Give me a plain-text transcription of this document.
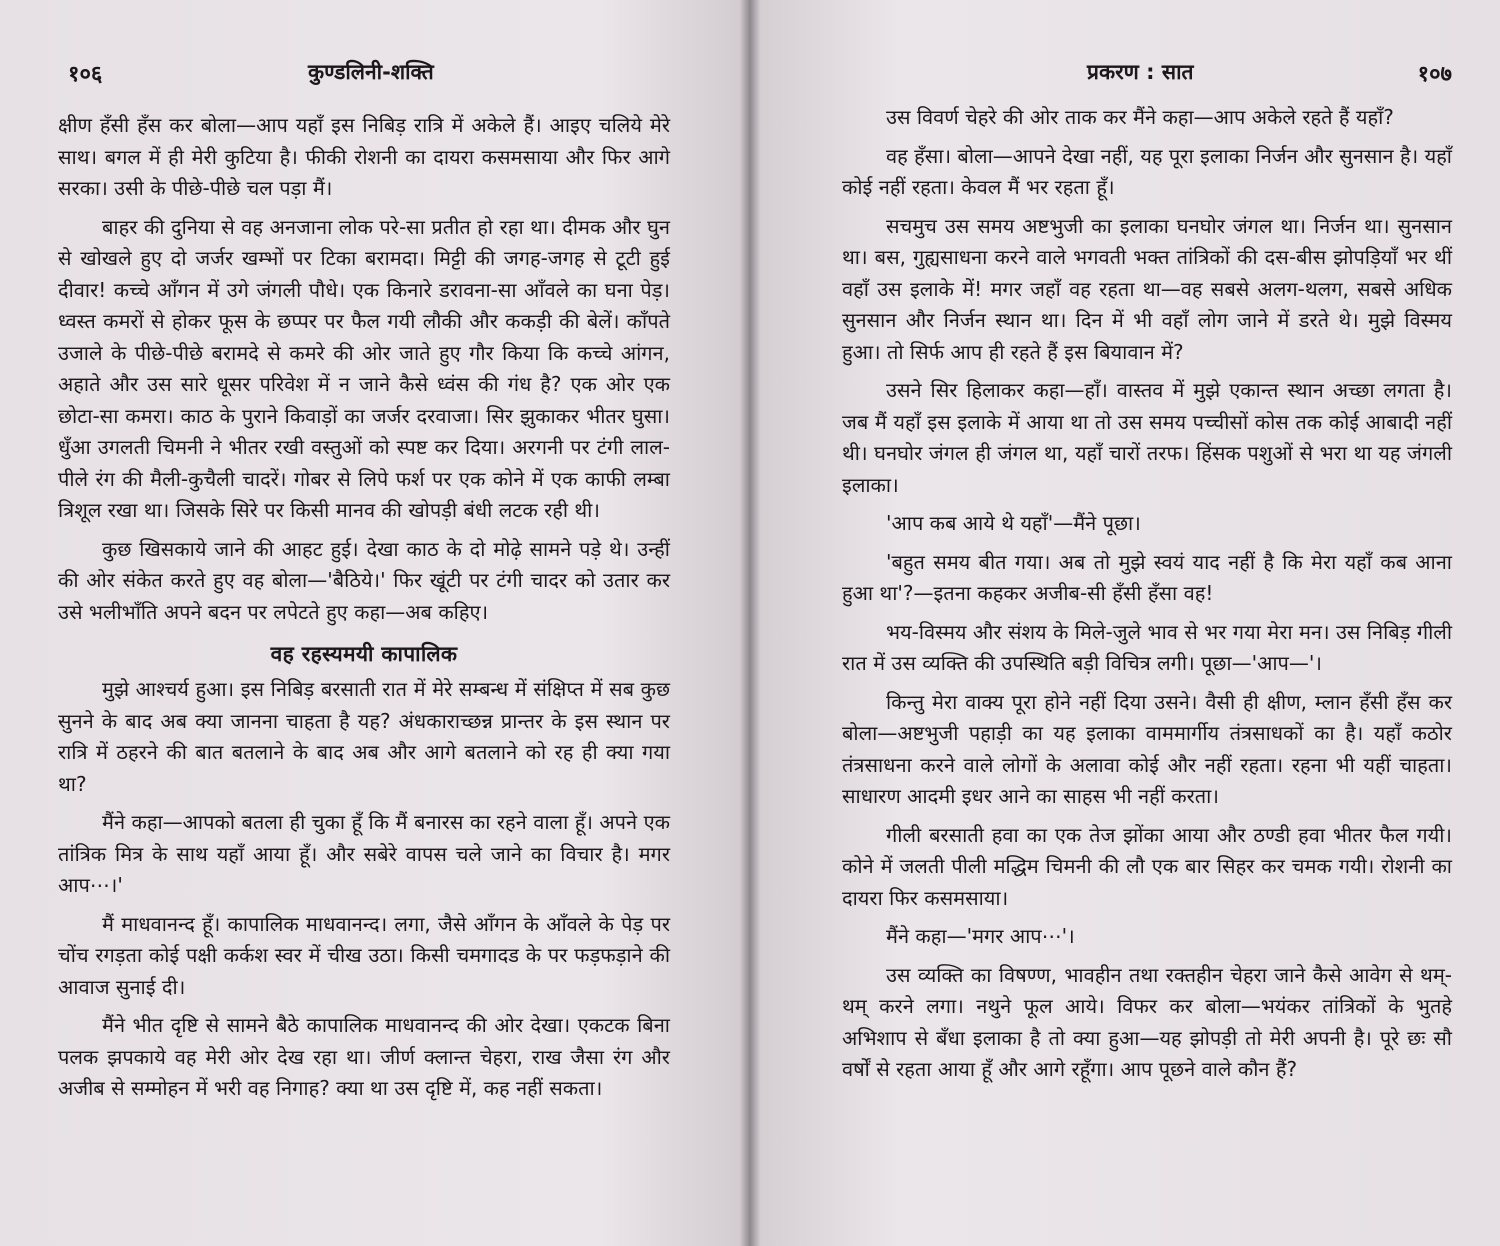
१०६	कुण्डलिनी-शक्ति

क्षीण हँसी हँस कर बोला—आप यहाँ इस निबिड़ रात्रि में अकेले हैं। आइए चलिये मेरे साथ। बगल में ही मेरी कुटिया है। फीकी रोशनी का दायरा कसमसाया और फिर आगे सरका। उसी के पीछे-पीछे चल पड़ा मैं।

बाहर की दुनिया से वह अनजाना लोक परे-सा प्रतीत हो रहा था। दीमक और घुन से खोखले हुए दो जर्जर खम्भों पर टिका बरामदा। मिट्टी की जगह-जगह से टूटी हुई दीवार! कच्चे आँगन में उगे जंगली पौधे। एक किनारे डरावना-सा आँवले का घना पेड़। ध्वस्त कमरों से होकर फूस के छप्पर पर फैल गयी लौकी और ककड़ी की बेलें। काँपते उजाले के पीछे-पीछे बरामदे से कमरे की ओर जाते हुए गौर किया कि कच्चे आंगन, अहाते और उस सारे धूसर परिवेश में न जाने कैसे ध्वंस की गंध है? एक ओर एक छोटा-सा कमरा। काठ के पुराने किवाड़ों का जर्जर दरवाजा। सिर झुकाकर भीतर घुसा। धुँआ उगलती चिमनी ने भीतर रखी वस्तुओं को स्पष्ट कर दिया। अरगनी पर टंगी लाल-पीले रंग की मैली-कुचैली चादरें। गोबर से लिपे फर्श पर एक कोने में एक काफी लम्बा त्रिशूल रखा था। जिसके सिरे पर किसी मानव की खोपड़ी बंधी लटक रही थी।

कुछ खिसकाये जाने की आहट हुई। देखा काठ के दो मोढ़े सामने पड़े थे। उन्हीं की ओर संकेत करते हुए वह बोला—'बैठिये।' फिर खूंटी पर टंगी चादर को उतार कर उसे भलीभाँति अपने बदन पर लपेटते हुए कहा—अब कहिए।

वह रहस्यमयी कापालिक

मुझे आश्चर्य हुआ। इस निबिड़ बरसाती रात में मेरे सम्बन्ध में संक्षिप्त में सब कुछ सुनने के बाद अब क्या जानना चाहता है यह? अंधकाराच्छन्न प्रान्तर के इस स्थान पर रात्रि में ठहरने की बात बतलाने के बाद अब और आगे बतलाने को रह ही क्या गया था?

मैंने कहा—आपको बतला ही चुका हूँ कि मैं बनारस का रहने वाला हूँ। अपने एक तांत्रिक मित्र के साथ यहाँ आया हूँ। और सबेरे वापस चले जाने का विचार है। मगर आप⋯।'

मैं माधवानन्द हूँ। कापालिक माधवानन्द। लगा, जैसे आँगन के आँवले के पेड़ पर चोंच रगड़ता कोई पक्षी कर्कश स्वर में चीख उठा। किसी चमगादड के पर फड़फड़ाने की आवाज सुनाई दी।

मैंने भीत दृष्टि से सामने बैठे कापालिक माधवानन्द की ओर देखा। एकटक बिना पलक झपकाये वह मेरी ओर देख रहा था। जीर्ण क्लान्त चेहरा, राख जैसा रंग और अजीब से सम्मोहन में भरी वह निगाह? क्या था उस दृष्टि में, कह नहीं सकता।

प्रकरण : सात	१०७

उस विवर्ण चेहरे की ओर ताक कर मैंने कहा—आप अकेले रहते हैं यहाँ?

वह हँसा। बोला—आपने देखा नहीं, यह पूरा इलाका निर्जन और सुनसान है। यहाँ कोई नहीं रहता। केवल मैं भर रहता हूँ।

सचमुच उस समय अष्टभुजी का इलाका घनघोर जंगल था। निर्जन था। सुनसान था। बस, गुह्यसाधना करने वाले भगवती भक्त तांत्रिकों की दस-बीस झोपड़ियाँ भर थीं वहाँ उस इलाके में! मगर जहाँ वह रहता था—वह सबसे अलग-थलग, सबसे अधिक सुनसान और निर्जन स्थान था। दिन में भी वहाँ लोग जाने में डरते थे। मुझे विस्मय हुआ। तो सिर्फ आप ही रहते हैं इस बियावान में?

उसने सिर हिलाकर कहा—हाँ। वास्तव में मुझे एकान्त स्थान अच्छा लगता है। जब मैं यहाँ इस इलाके में आया था तो उस समय पच्चीसों कोस तक कोई आबादी नहीं थी। घनघोर जंगल ही जंगल था, यहाँ चारों तरफ। हिंसक पशुओं से भरा था यह जंगली इलाका।

'आप कब आये थे यहाँ'—मैंने पूछा।

'बहुत समय बीत गया। अब तो मुझे स्वयं याद नहीं है कि मेरा यहाँ कब आना हुआ था'?—इतना कहकर अजीब-सी हँसी हँसा वह!

भय-विस्मय और संशय के मिले-जुले भाव से भर गया मेरा मन। उस निबिड़ गीली रात में उस व्यक्ति की उपस्थिति बड़ी विचित्र लगी। पूछा—'आप—'।

किन्तु मेरा वाक्य पूरा होने नहीं दिया उसने। वैसी ही क्षीण, म्लान हँसी हँस कर बोला—अष्टभुजी पहाड़ी का यह इलाका वाममार्गीय तंत्रसाधकों का है। यहाँ कठोर तंत्रसाधना करने वाले लोगों के अलावा कोई और नहीं रहता। रहना भी यहीं चाहता। साधारण आदमी इधर आने का साहस भी नहीं करता।

गीली बरसाती हवा का एक तेज झोंका आया और ठण्डी हवा भीतर फैल गयी। कोने में जलती पीली मद्धिम चिमनी की लौ एक बार सिहर कर चमक गयी। रोशनी का दायरा फिर कसमसाया।

मैंने कहा—'मगर आप⋯'।

उस व्यक्ति का विषण्ण, भावहीन तथा रक्तहीन चेहरा जाने कैसे आवेग से थम्-थम् करने लगा। नथुने फूल आये। विफर कर बोला—भयंकर तांत्रिकों के भुतहे अभिशाप से बँधा इलाका है तो क्या हुआ—यह झोपड़ी तो मेरी अपनी है। पूरे छः सौ वर्षों से रहता आया हूँ और आगे रहूँगा। आप पूछने वाले कौन हैं?
